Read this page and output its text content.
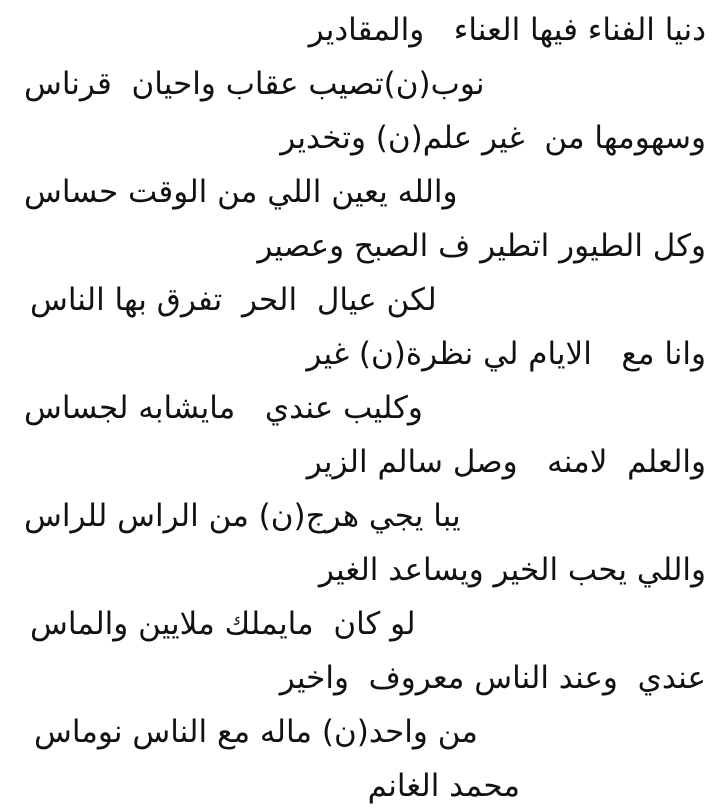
دنيا الفناء فيها العناء   والمقادير
نوب(ن)تصيب عقاب واحيان  قرناس
وسهومها من  غير علم(ن) وتخدير
والله يعين اللي من الوقت حساس
وكل الطيور اتطير ف الصبح وعصير
لكن عيال  الحر  تفرق بها الناس
وانا مع   الايام لي نظرة(ن) غير
وكليب عندي   مايشابه لجساس
والعلم  لامنه   وصل سالم الزير
يبا يجي هرج(ن) من الراس للراس
واللي يحب الخير ويساعد الغير
لو كان  مايملك ملايين والماس
عندي  وعند الناس معروف  واخير
من واحد(ن) ماله مع الناس نوماس
محمد الغانم
